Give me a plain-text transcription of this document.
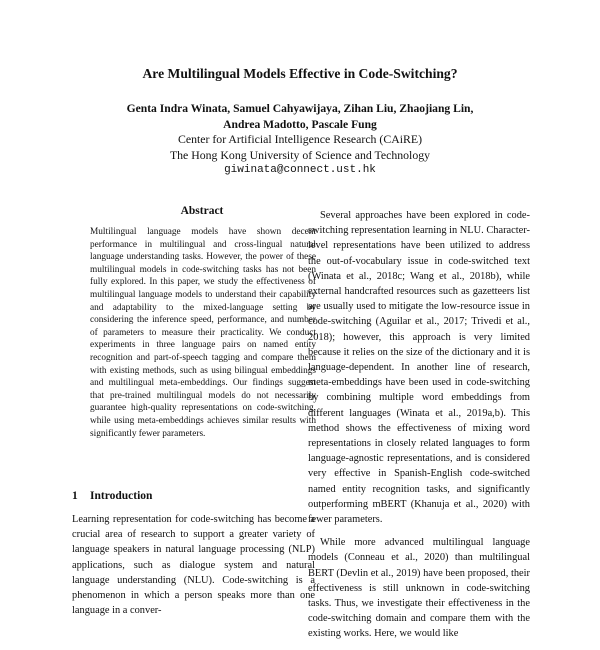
Are Multilingual Models Effective in Code-Switching?
Genta Indra Winata, Samuel Cahyawijaya, Zihan Liu, Zhaojiang Lin,
Andrea Madotto, Pascale Fung
Center for Artificial Intelligence Research (CAiRE)
The Hong Kong University of Science and Technology
giwinata@connect.ust.hk
Abstract
Multilingual language models have shown decent performance in multilingual and cross-lingual natural language understanding tasks. However, the power of these multilingual models in code-switching tasks has not been fully explored. In this paper, we study the effectiveness of multilingual language models to understand their capability and adaptability to the mixed-language setting by considering the inference speed, performance, and number of parameters to measure their practicality. We conduct experiments in three language pairs on named entity recognition and part-of-speech tagging and compare them with existing methods, such as using bilingual embeddings and multilingual meta-embeddings. Our findings suggest that pre-trained multilingual models do not necessarily guarantee high-quality representations on code-switching, while using meta-embeddings achieves similar results with significantly fewer parameters.
1 Introduction
Learning representation for code-switching has become a crucial area of research to support a greater variety of language speakers in natural language processing (NLP) applications, such as dialogue system and natural language understanding (NLU). Code-switching is a phenomenon in which a person speaks more than one language in a conver-

Several approaches have been explored in code-switching representation learning in NLU. Character-level representations have been utilized to address the out-of-vocabulary issue in code-switched text (Winata et al., 2018c; Wang et al., 2018b), while external handcrafted resources such as gazetteers list are usually used to mitigate the low-resource issue in code-switching (Aguilar et al., 2017; Trivedi et al., 2018); however, this approach is very limited because it relies on the size of the dictionary and it is language-dependent. In another line of research, meta-embeddings have been used in code-switching by combining multiple word embeddings from different languages (Winata et al., 2019a,b). This method shows the effectiveness of mixing word representations in closely related languages to form language-agnostic representations, and is considered very effective in Spanish-English code-switched named entity recognition tasks, and significantly outperforming mBERT (Khanuja et al., 2020) with fewer parameters.

While more advanced multilingual language models (Conneau et al., 2020) than multilingual BERT (Devlin et al., 2019) have been proposed, their effectiveness is still unknown in code-switching tasks. Thus, we investigate their effectiveness in the code-switching domain and compare them with the existing works. Here, we would like
